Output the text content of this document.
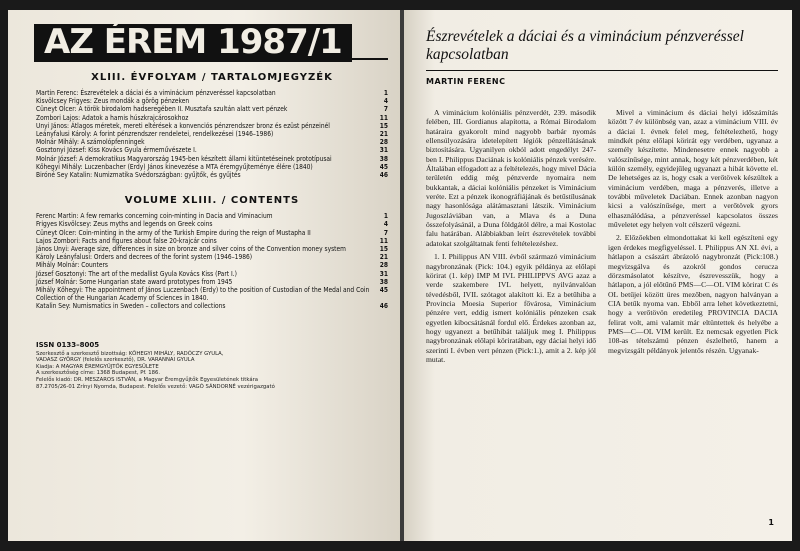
AZ ÉREM 1987/1
XLIII. ÉVFOLYAM / TARTALOMJEGYZÉK
Martin Ferenc: Észrevételek a dáciai és a viminácium pénzveréssel kapcsolatban	1
Kisvölcsey Frigyes: Zeus mondák a görög pénzeken	4
Cüneyt Olcer: A török birodalom hadseregében II. Musztafa szultán alatt vert pénzek	7
Zombori Lajos: Adatok a hamis húszkrajcárosokhoz	11
Unyi János: Átlagos méretek, mereti eltérések a konvenciós pénzrendszer bronz és ezüst pénzeinél	15
Leányfalusi Károly: A forint pénzrendszer rendeletei, rendelkezései (1946–1986)	21
Molnár Mihály: A számolópfenningek	28
Gosztonyi József: Kiss Kovács Gyula érmeművészete I.	31
Molnár József: A demokratikus Magyarország 1945-ben készített állami kitüntetéseinek prototípusai	38
Kőhegyi Mihály: Luczenbacher (Erdy) János kinevezése a MTA éremgyűjteménye élére (1840)	45
Biróné Sey Katalin: Numizmatika Svédországban: gyűjtők, és gyűjtés	46
VOLUME XLIII. / CONTENTS
Ferenc Martin: A few remarks concerning coin-minting in Dacia and Viminacium	1
Frigyes Kisvölcsey: Zeus myths and legends on Greek coins	4
Cüneyt Olcer: Coin-minting in the army of the Turkish Empire during the reign of Mustapha II	7
Lajos Zombori: Facts and figures about false 20-krajcár coins	11
János Unyi: Average size, differences in size on bronze and silver coins of the Convention money system	15
Károly Leányfalusi: Orders and decrees of the forint system (1946–1986)	21
Mihály Molnár: Counters	28
József Gosztonyi: The art of the medallist Gyula Kovács Kiss (Part I.)	31
József Molnár: Some Hungarian state award prototypes from 1945	38
Mihály Kőhegyi: The appointment of János Luczenbach (Erdy) to the position of Custodian of the Medal and Coin Collection of the Hungarian Academy of Sciences in 1840.
45
Katalin Sey: Numismatics in Sweden – collectors and collections	46
ISSN 0133–8005
Szerkesztő a szerkesztő bizottság: KŐHEGYI MIHÁLY, RADÓCZY GYULA,
VADASZ GYÖRGY (felelős szerkesztő), DR. VARANNAI GYULA
Kiadja: A MAGYAR ÉREMGYŰJTŐK EGYESÜLETE
A szerkesztőség címe: 1368 Budapest, Pf. 186.
Felelős kiadó: DR. MESZAROS ISTVÁN, a Magyar Éremgyűjtők Egyesületének titkára
87.2705/26-01 Zrínyi Nyomda, Budapest. Felelős vezető: VAGÓ SÁNDORNÉ vezérigazgató
Észrevételek a dáciai és a viminácium pénzveréssel kapcsolatban
MARTIN FERENC

A viminácium kolóniális pénzverdét, 239. második felében, III. Gordianus alapította, a Római Birodalom határaira gyakorolt mind nagyobb barbár nyomás ellensúlyozására idetelepített légiók pénzellátásának biztosítására. Ugyanilyen okból adott engedélyt 247-ben I. Philippus Daciának is kolóniális pénzek verésére. Általában elfogadott az a feltételezés, hogy mivel Dácia területén eddig még pénzverde nyomaira nem bukkantak, a dáciai kolóniális pénzeket is Viminácium veréte. Ezt a pénzek ikonográfiájának és betűstílusának nagy hasonlósága alátámasztani látszik. Viminácium Jugoszláviában van, a Mlava és a Duna összefolyásánál, a Duna földgától délre, a mai Kostolac falu határában. Alábbiakban leírt észrevételek további adatokat szolgáltatnak fenti feltételezéshez.

1. I. Philippus AN VIII. évből származó viminácium nagybronzának (Pick: 104.) egyik példánya az előlapi körirat (1. kép) IMP M IVL PHILIPPVS AVG azaz a verde szakembere IVL helyett, nyilvánvalóan tévedésből, IVIL szótagot alakított ki. Ez a betűhiba a Provincia Moesia Superior fővárosa, Viminácium pénzére vert, eddig ismert kolóniális pénzeken csak egyetlen kibocsátásnál fordul elő. Érdekes azonban az, hogy ugyanezt a betűhibát találjuk meg I. Philippus nagybronzának előlapi köriratában, egy dáciai helyi idő szerinti I. évben vert pénzen (Pick:1.), amit a 2. kép jól mutat.

Mivel a viminácium és dáciai helyi időszámítás között 7 év különbség van, azaz a viminácium VIII. év a dáciai I. évnek felel meg, feltételezhető, hogy mindkét pénz előlapi körirát egy verdében, ugyanaz a személy készítette. Mindenesetre ennek nagyobb a valószínűsége, mint annak, hogy két pénzverdében, két külön személy, egyidejűleg ugyanazt a hibát követte el. De lehetséges az is, hogy csak a verőtövek készültek a viminácium verdében, maga a pénzverés, illetve a további műveletek Daciában. Ennek azonban nagyon kicsi a valószínűsége, mert a verőtövek gyors elhasználódása, a pénzveréssel kapcsolatos összes műveletet egy helyen volt célszerű végezni.

2. Előzőekben elmondottakat ki kell egészíteni egy igen érdekes megfigyeléssel. I. Philippus AN XI. évi, a hátlapon a császárt ábrázoló nagybronzát (Pick:108.) megvizsgálva és azokról gondos cerucza dörzsmásolatot készítve, észrevesszük, hogy a hátlapon, a jól előtűnő PMS—C—OL VIM körirat C és OL betűjei között üres mezőben, nagyon halványan a CIA betűk nyoma van. Ebből arra lehet következtetni, hogy a verőtövön eredetileg PROVINCIA DACIA felirat volt, ami valamit már eltüntettek és helyébe a PMS—C—OL VIM került. Ez nemcsak egyetlen Pick 108-as tételszámú pénzen észlelhető, hanem a megvizsgált példányok jelentős részén. Ugyanak-

1
